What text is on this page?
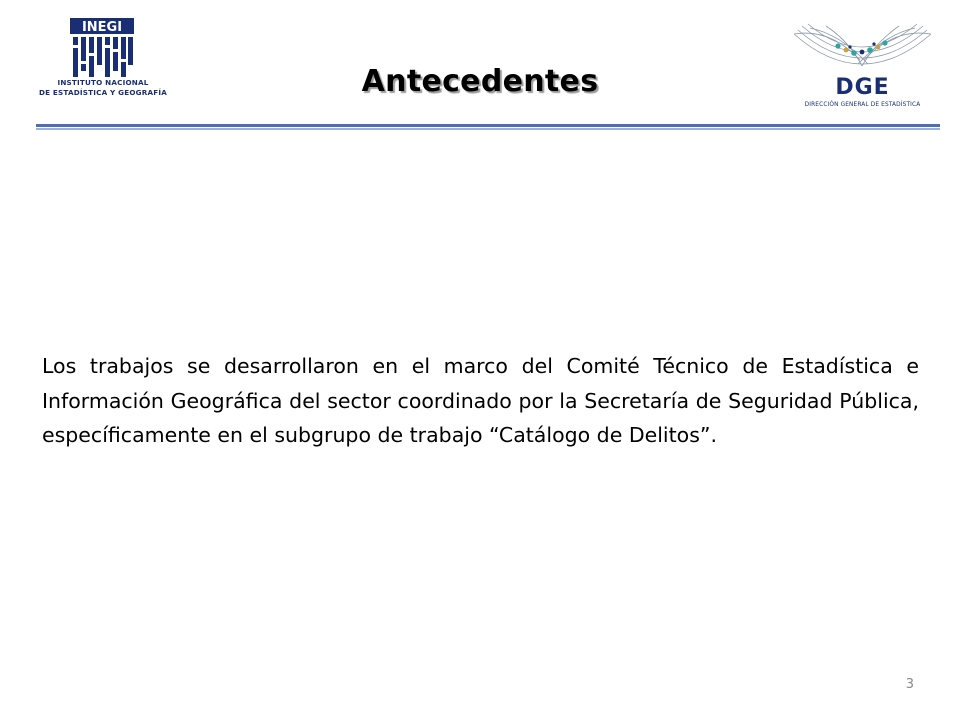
INEGI
INSTITUTO NACIONAL
DE ESTADÍSTICA Y GEOGRAFÍA	Antecedentes	DGE
DIRECCIÓN GENERAL DE ESTADÍSTICA
Los trabajos se desarrollaron en el marco del Comité Técnico de Estadística e Información Geográfica del sector coordinado por la Secretaría de Seguridad Pública, específicamente en el subgrupo de trabajo “Catálogo de Delitos”.
3
